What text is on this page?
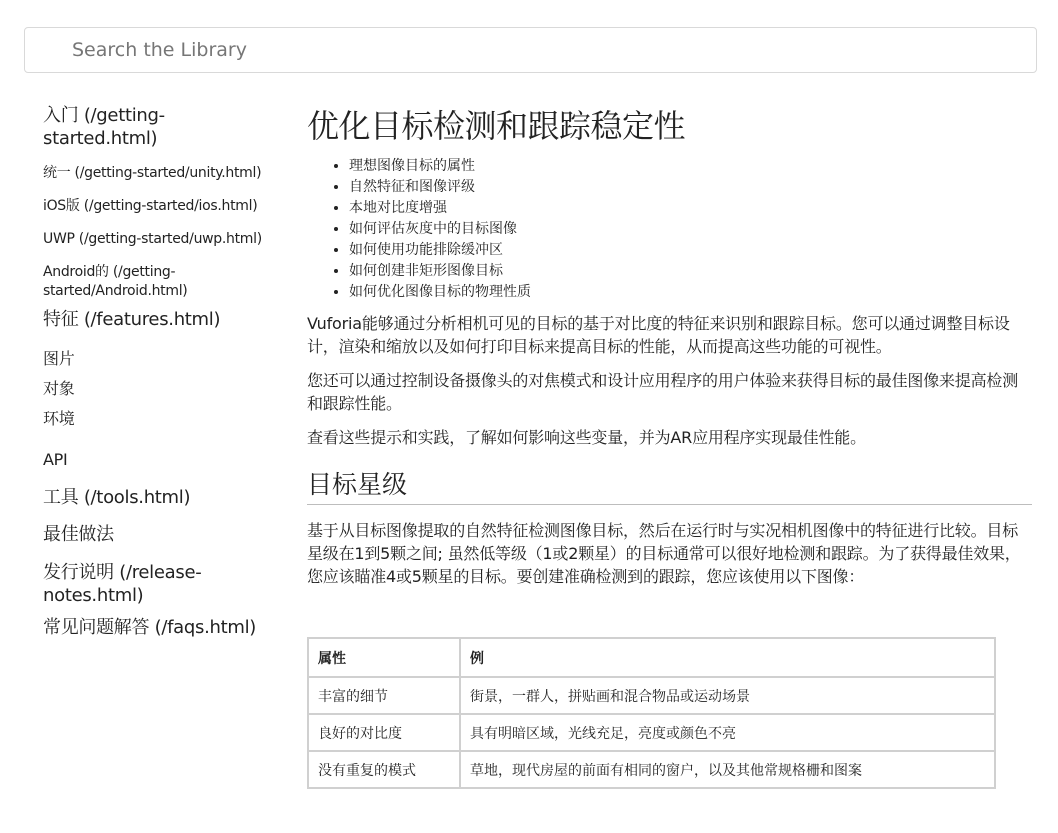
Search the Library
入门 (/getting-started.html)
统一 (/getting-started/unity.html)
iOS版 (/getting-started/ios.html)
UWP (/getting-started/uwp.html)
Android的 (/getting-started/Android.html)
特征 (/features.html)
图片
对象
环境
API
工具 (/tools.html)
最佳做法
发行说明 (/release-notes.html)
常见问题解答 (/faqs.html)
优化目标检测和跟踪稳定性
• 理想图像目标的属性
• 自然特征和图像评级
• 本地对比度增强
• 如何评估灰度中的目标图像
• 如何使用功能排除缓冲区
• 如何创建非矩形图像目标
• 如何优化图像目标的物理性质

Vuforia能够通过分析相机可见的目标的基于对比度的特征来识别和跟踪目标。您可以通过调整目标设计，渲染和缩放以及如何打印目标来提高目标的性能，从而提高这些功能的可视性。

您还可以通过控制设备摄像头的对焦模式和设计应用程序的用户体验来获得目标的最佳图像来提高检测和跟踪性能。

查看这些提示和实践，了解如何影响这些变量，并为AR应用程序实现最佳性能。

目标星级

基于从目标图像提取的自然特征检测图像目标，然后在运行时与实况相机图像中的特征进行比较。目标星级在1到5颗之间; 虽然低等级（1或2颗星）的目标通常可以很好地检测和跟踪。为了获得最佳效果，您应该瞄准4或5颗星的目标。要创建准确检测到的跟踪，您应该使用以下图像：

属性	例
丰富的细节	街景，一群人，拼贴画和混合物品或运动场景
良好的对比度	具有明暗区域，光线充足，亮度或颜色不亮
没有重复的模式	草地，现代房屋的前面有相同的窗户，以及其他常规格栅和图案
